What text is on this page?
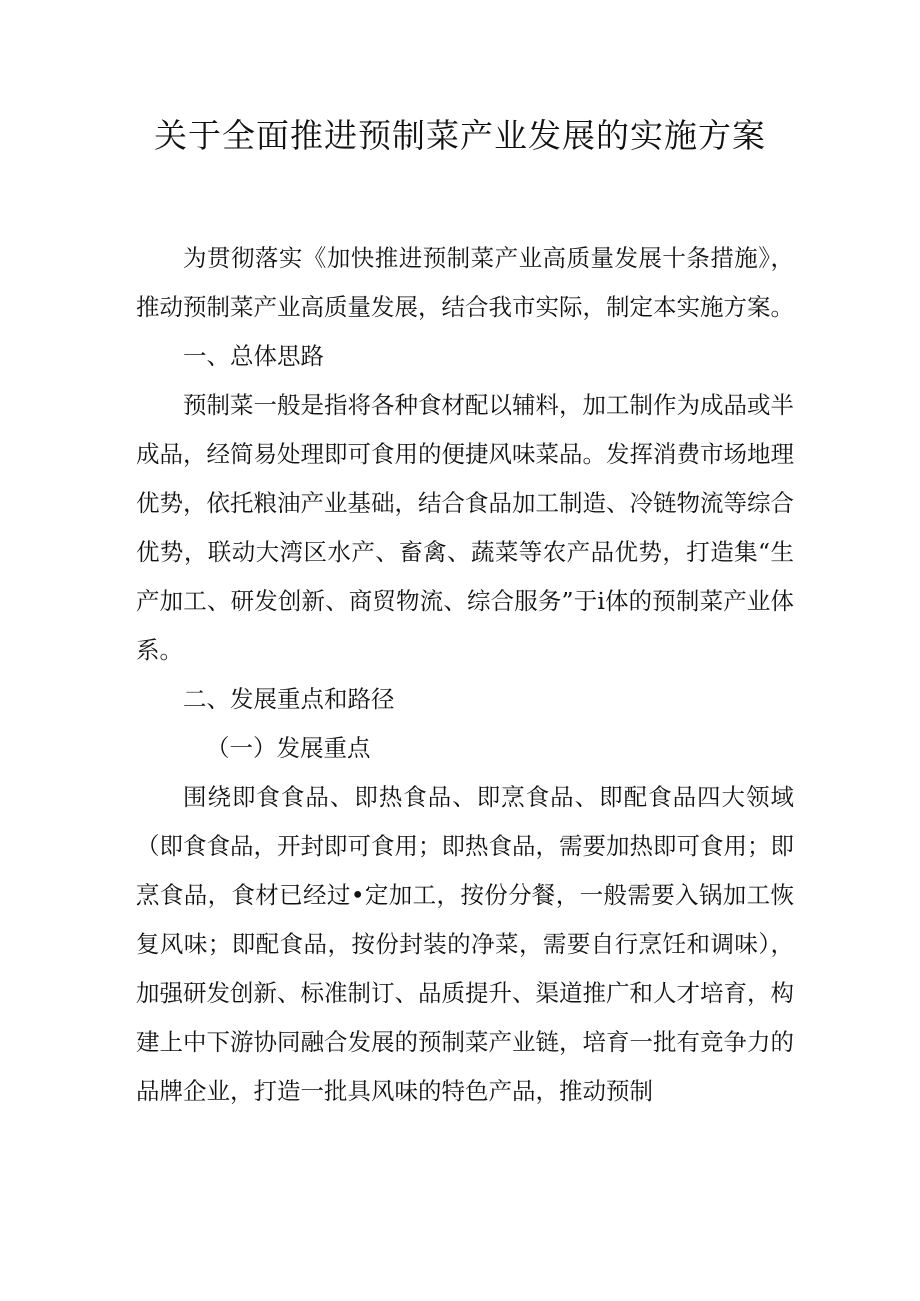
关于全面推进预制菜产业发展的实施方案

为贯彻落实《加快推进预制菜产业高质量发展十条措施》，推动预制菜产业高质量发展，结合我市实际，制定本实施方案。

一、总体思路

预制菜一般是指将各种食材配以辅料，加工制作为成品或半成品，经简易处理即可食用的便捷风味菜品。发挥消费市场地理优势，依托粮油产业基础，结合食品加工制造、冷链物流等综合优势，联动大湾区水产、畜禽、蔬菜等农产品优势，打造集“生产加工、研发创新、商贸物流、综合服务”于i体的预制菜产业体系。

二、发展重点和路径

（一）发展重点

围绕即食食品、即热食品、即烹食品、即配食品四大领域（即食食品，开封即可食用；即热食品，需要加热即可食用；即烹食品，食材已经过•定加工，按份分餐，一般需要入锅加工恢复风味；即配食品，按份封装的净菜，需要自行烹饪和调味），加强研发创新、标准制订、品质提升、渠道推广和人才培育，构建上中下游协同融合发展的预制菜产业链，培育一批有竞争力的品牌企业，打造一批具风味的特色产品，推动预制
